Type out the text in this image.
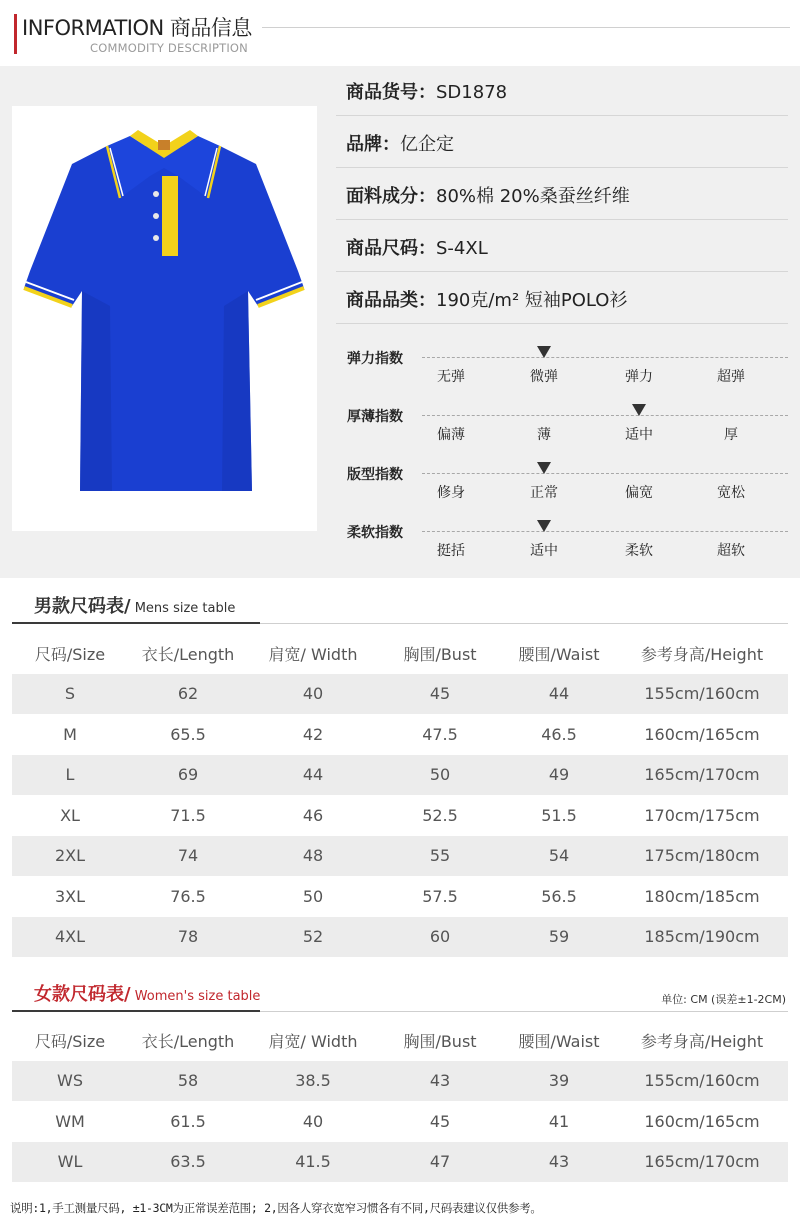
INFORMATION 商品信息
COMMODITY DESCRIPTION
商品货号：SD1878
品牌：亿企定
面料成分：80%棉 20%桑蚕丝纤维
商品尺码：S-4XL
商品品类：190克/m² 短袖POLO衫
弹力指数
无弹	微弹	弹力	超弹
厚薄指数
偏薄	薄	适中	厚
版型指数
修身	正常	偏宽	宽松
柔软指数
挺括	适中	柔软	超软
男款尺码表/ Mens size table
尺码/Size	衣长/Length	肩宽/ Width	胸围/Bust	腰围/Waist	参考身高/Height
S	62	40	45	44	155cm/160cm
M	65.5	42	47.5	46.5	160cm/165cm
L	69	44	50	49	165cm/170cm
XL	71.5	46	52.5	51.5	170cm/175cm
2XL	74	48	55	54	175cm/180cm
3XL	76.5	50	57.5	56.5	180cm/185cm
4XL	78	52	60	59	185cm/190cm
女款尺码表/ Women's size table	单位: CM (误差±1-2CM)
尺码/Size	衣长/Length	肩宽/ Width	胸围/Bust	腰围/Waist	参考身高/Height
WS	58	38.5	43	39	155cm/160cm
WM	61.5	40	45	41	160cm/165cm
WL	63.5	41.5	47	43	165cm/170cm
说明:1,手工测量尺码, ±1-3CM为正常误差范围; 2,因各人穿衣宽窄习惯各有不同,尺码表建议仅供参考。
